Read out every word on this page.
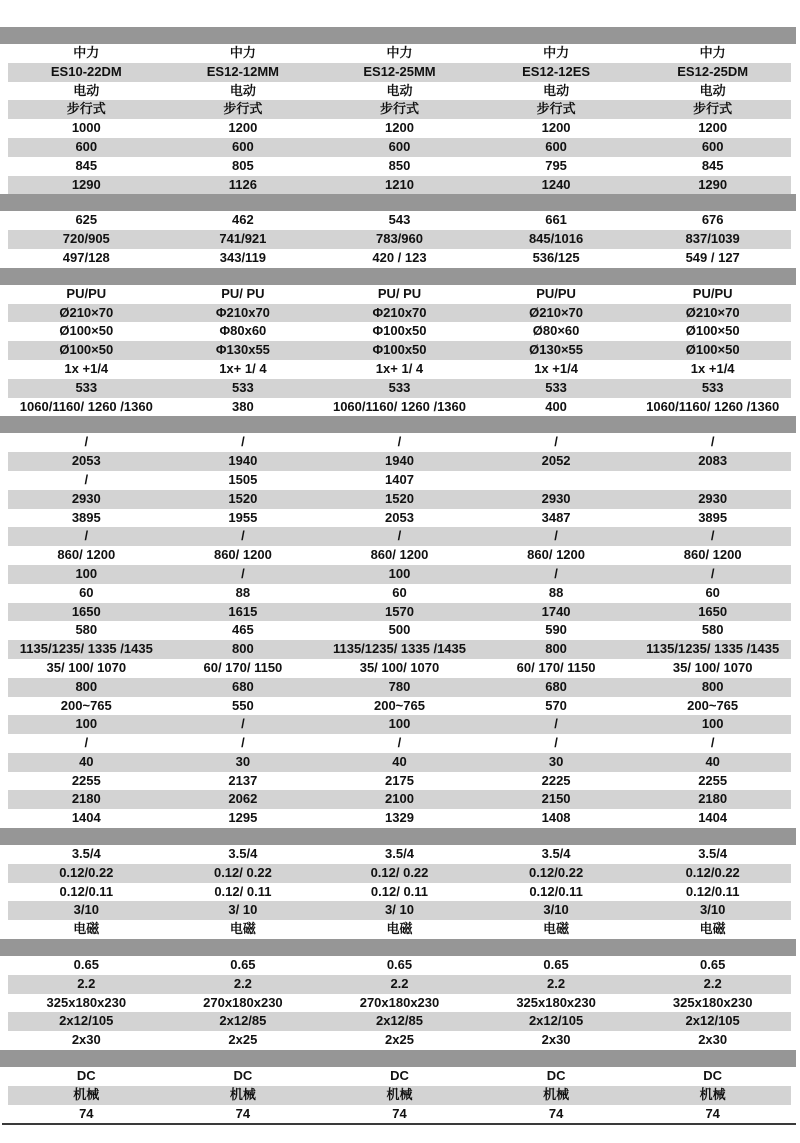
中力	中力	中力	中力	中力
ES10-22DM	ES12-12MM	ES12-25MM	ES12-12ES	ES12-25DM
电动	电动	电动	电动	电动
步行式	步行式	步行式	步行式	步行式
1000	1200	1200	1200	1200
600	600	600	600	600
845	805	850	795	845
1290	1126	1210	1240	1290
625	462	543	661	676
720/905	741/921	783/960	845/1016	837/1039
497/128	343/119	420 / 123	536/125	549 / 127
PU/PU	PU/ PU	PU/ PU	PU/PU	PU/PU
Ø210×70	Φ210x70	Φ210x70	Ø210×70	Ø210×70
Ø100×50	Φ80x60	Φ100x50	Ø80×60	Ø100×50
Ø100×50	Φ130x55	Φ100x50	Ø130×55	Ø100×50
1x +1/4	1x+ 1/ 4	1x+ 1/ 4	1x +1/4	1x +1/4
533	533	533	533	533
1060/1160/ 1260 /1360	380	1060/1160/ 1260 /1360	400	1060/1160/ 1260 /1360
/	/	/	/	/
2053	1940	1940	2052	2083
/	1505	1407
2930	1520	1520	2930	2930
3895	1955	2053	3487	3895
/	/	/	/	/
860/ 1200	860/ 1200	860/ 1200	860/ 1200	860/ 1200
100	/	100	/	/
60	88	60	88	60
1650	1615	1570	1740	1650
580	465	500	590	580
1135/1235/ 1335 /1435	800	1135/1235/ 1335 /1435	800	1135/1235/ 1335 /1435
35/ 100/ 1070	60/ 170/ 1150	35/ 100/ 1070	60/ 170/ 1150	35/ 100/ 1070
800	680	780	680	800
200~765	550	200~765	570	200~765
100	/	100	/	100
/	/	/	/	/
40	30	40	30	40
2255	2137	2175	2225	2255
2180	2062	2100	2150	2180
1404	1295	1329	1408	1404
3.5/4	3.5/4	3.5/4	3.5/4	3.5/4
0.12/0.22	0.12/ 0.22	0.12/ 0.22	0.12/0.22	0.12/0.22
0.12/0.11	0.12/ 0.11	0.12/ 0.11	0.12/0.11	0.12/0.11
3/10	3/ 10	3/ 10	3/10	3/10
电磁	电磁	电磁	电磁	电磁
0.65	0.65	0.65	0.65	0.65
2.2	2.2	2.2	2.2	2.2
325x180x230	270x180x230	270x180x230	325x180x230	325x180x230
2x12/105	2x12/85	2x12/85	2x12/105	2x12/105
2x30	2x25	2x25	2x30	2x30
DC	DC	DC	DC	DC
机械	机械	机械	机械	机械
74	74	74	74	74
